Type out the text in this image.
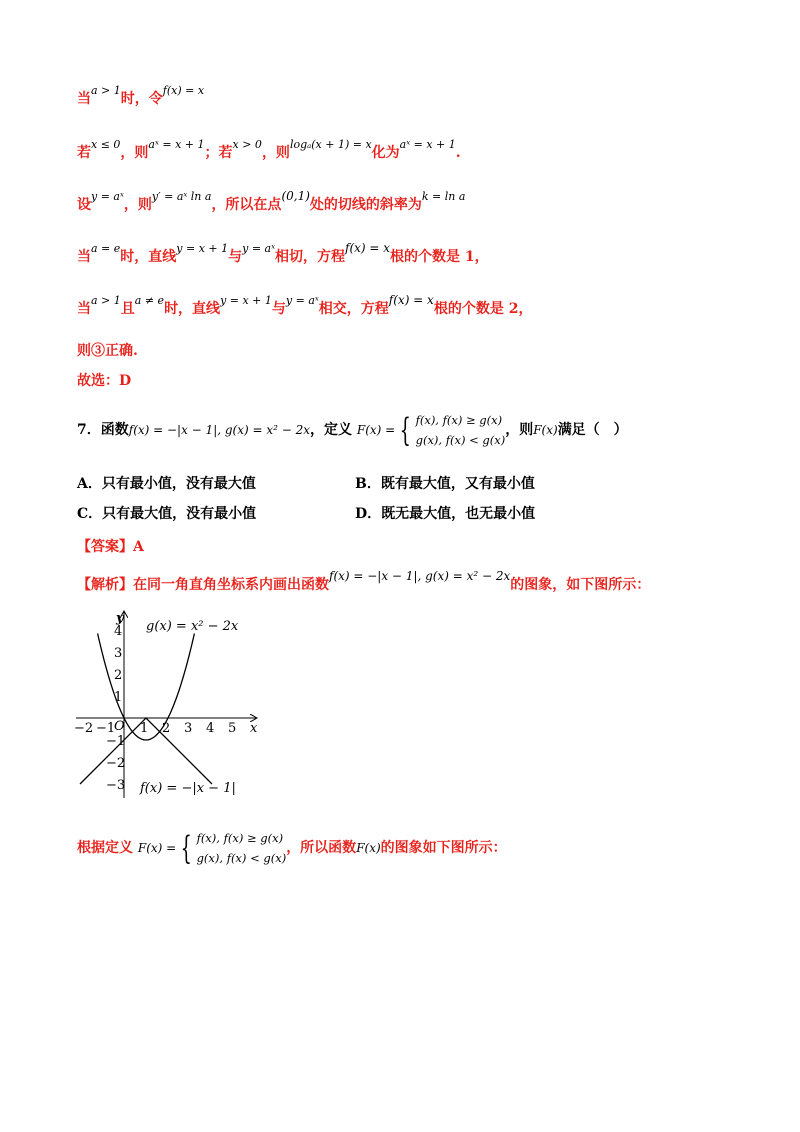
当$^{a > 1}$时，令$^{f(x) = x}$
若$^{x \le 0}$，则$^{aˣ = x + 1}$；若$^{x > 0}$，则$^{log_a(x + 1) = x}$化为$^{aˣ = x + 1}$.
设$^{y = aˣ}$，则$^{y' = aˣ ln a}$，所以在点(0,1)处的切线的斜率为$^{k = ln a}$
当$^{a = e}$时，直线$^{y = x + 1}$与$^{y = aˣ}$相切，方程f(x) = x根的个数是 1，
当$^{a > 1}$且$^{a \ne e}$时，直线$^{y = x + 1}$与$^{y = aˣ}$相交，方程f(x) = x根的个数是 2，
则③正确.
故选：D
7．函数f(x) = −|x − 1|, g(x) = x² − 2x，定义 F(x) = { f(x), f(x) ≥ g(x)
g(x), f(x) < g(x)
，则F(x)满足（　）
A．只有最小值，没有最大值	B．既有最大值，又有最小值
C．只有最大值，没有最小值	D．既无最大值，也无最小值
【答案】A
【解析】在同一角直角坐标系内画出函数f(x) = −|x − 1|, g(x) = x² − 2x的图象，如下图所示：
x
y
O
−2 −1 1 2 3 4 5
4
3
2
1
−1
−2
−3
g(x) = x² − 2x
f(x) = −|x − 1|
根据定义 F(x) = { f(x), f(x) ≥ g(x)
g(x), f(x) < g(x)
，所以函数F(x)的图象如下图所示：
